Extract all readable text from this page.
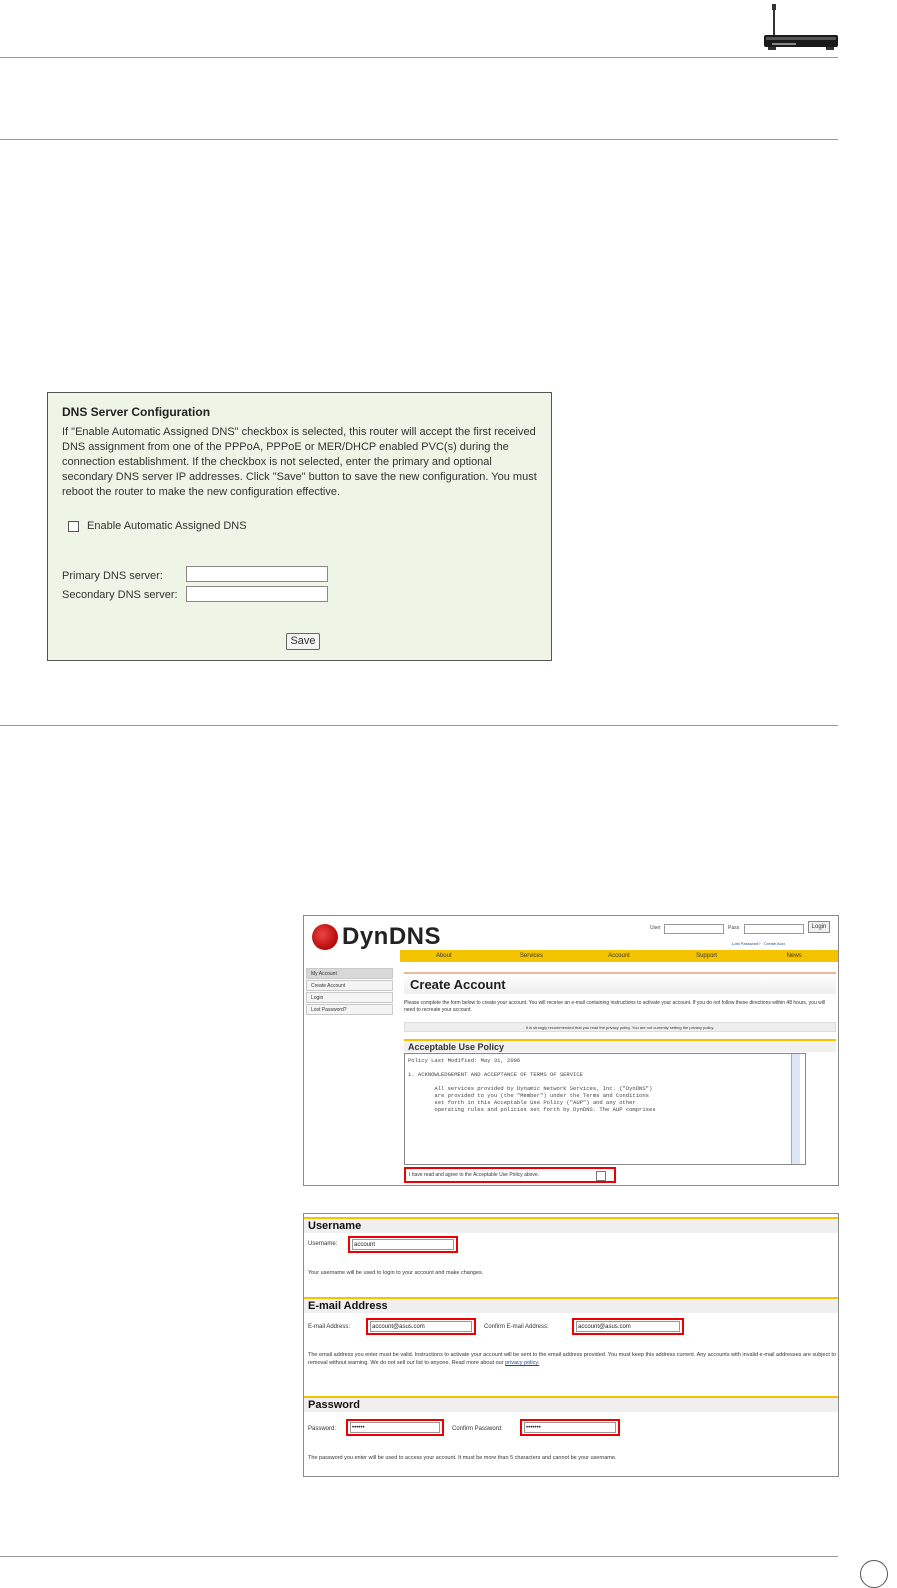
DNS Server Configuration
If "Enable Automatic Assigned DNS" checkbox is selected, this router will accept the first received DNS assignment from one of the PPPoA, PPPoE or MER/DHCP enabled PVC(s) during the connection establishment. If the checkbox is not selected, enter the primary and optional secondary DNS server IP addresses. Click "Save" button to save the new configuration. You must reboot the router to make the new configuration effective.
Enable Automatic Assigned DNS
Primary DNS server:
Secondary DNS server:
Save
DynDNS	User	Pass	Login
Lost Password? · Create Acct
About	Services	Account	Support	News
My Account
Create Account
Login
Lost Password?
Create Account
Please complete the form below to create your account. You will receive an e-mail containing instructions to activate your account. If you do not follow these directions within 48 hours, you will need to recreate your account.
It is strongly recommended that you read the privacy policy. You are not currently setting the privacy policy.
Acceptable Use Policy
Policy Last Modified: May 31, 2006

1. ACKNOWLEDGEMENT AND ACCEPTANCE OF TERMS OF SERVICE

All services provided by Dynamic Network Services, Inc. ("DynDNS")
are provided to you (the "Member") under the Terms and Conditions
set forth in this Acceptable Use Policy ("AUP") and any other
operating rules and policies set forth by DynDNS. The AUP comprises
I have read and agree to the Acceptable Use Policy above.
Username
Username:	account
Your username will be used to login to your account and make changes.
E-mail Address
E-mail Address:	account@asus.com	Confirm E-mail Address:	account@asus.com
The email address you enter must be valid. Instructions to activate your account will be sent to the email address provided. You must keep this address current. Any accounts with invalid e-mail addresses are subject to removal without warning. We do not sell our list to anyone. Read more about our privacy policy.
Password
Password:	••••••	Confirm Password:	•••••••
The password you enter will be used to access your account. It must be more than 5 characters and cannot be your username.
